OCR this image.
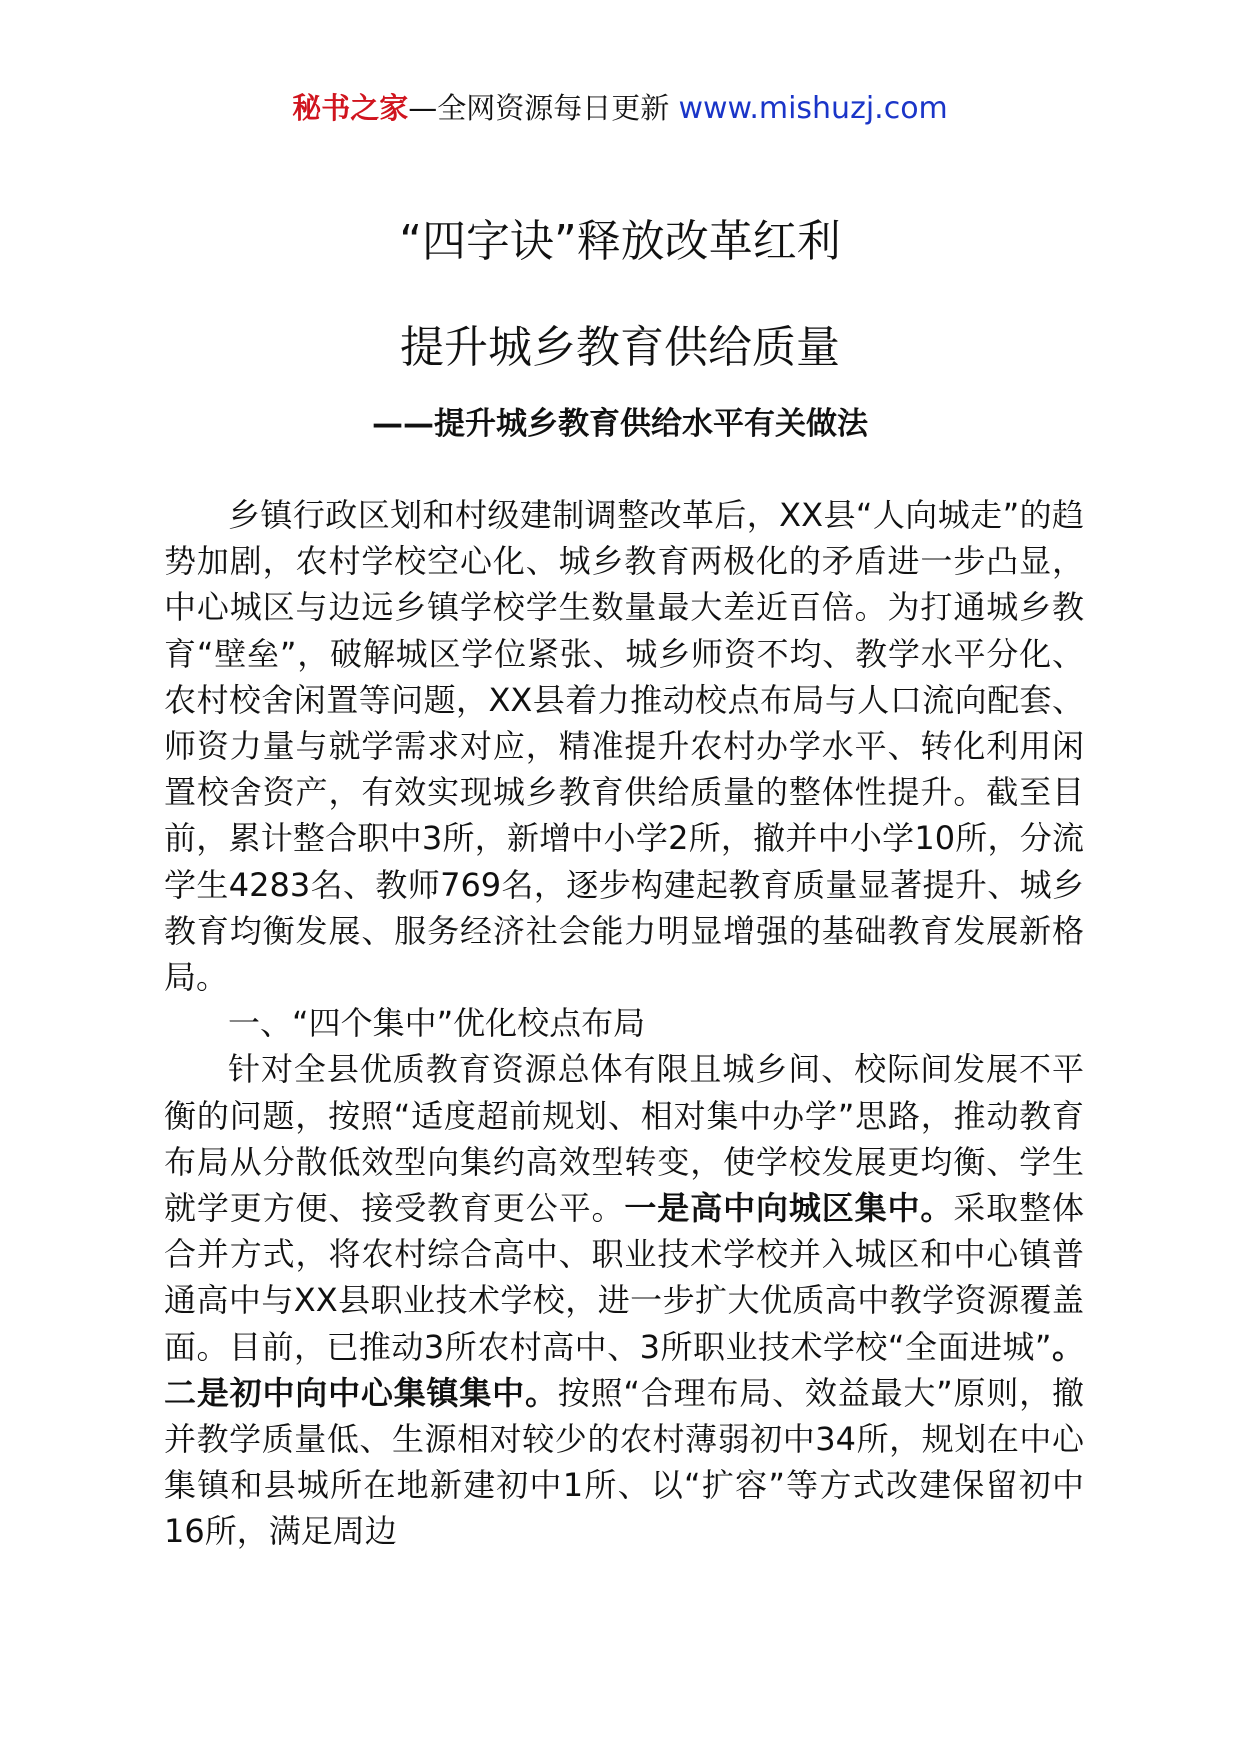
秘书之家—全网资源每日更新 www.mishuzj.com
“四字诀”释放改革红利
提升城乡教育供给质量
——提升城乡教育供给水平有关做法

乡镇行政区划和村级建制调整改革后，XX县“人向城走”的趋势加剧，农村学校空心化、城乡教育两极化的矛盾进一步凸显，中心城区与边远乡镇学校学生数量最大差近百倍。为打通城乡教育“壁垒”，破解城区学位紧张、城乡师资不均、教学水平分化、农村校舍闲置等问题，XX县着力推动校点布局与人口流向配套、师资力量与就学需求对应，精准提升农村办学水平、转化利用闲置校舍资产，有效实现城乡教育供给质量的整体性提升。截至目前，累计整合职中3所，新增中小学2所，撤并中小学10所，分流学生4283名、教师769名，逐步构建起教育质量显著提升、城乡教育均衡发展、服务经济社会能力明显增强的基础教育发展新格局。

一、“四个集中”优化校点布局

针对全县优质教育资源总体有限且城乡间、校际间发展不平衡的问题，按照“适度超前规划、相对集中办学”思路，推动教育布局从分散低效型向集约高效型转变，使学校发展更均衡、学生就学更方便、接受教育更公平。一是高中向城区集中。采取整体合并方式，将农村综合高中、职业技术学校并入城区和中心镇普通高中与XX县职业技术学校，进一步扩大优质高中教学资源覆盖面。目前，已推动3所农村高中、3所职业技术学校“全面进城”。二是初中向中心集镇集中。按照“合理布局、效益最大”原则，撤并教学质量低、生源相对较少的农村薄弱初中34所，规划在中心集镇和县城所在地新建初中1所、以“扩容”等方式改建保留初中16所，满足周边
